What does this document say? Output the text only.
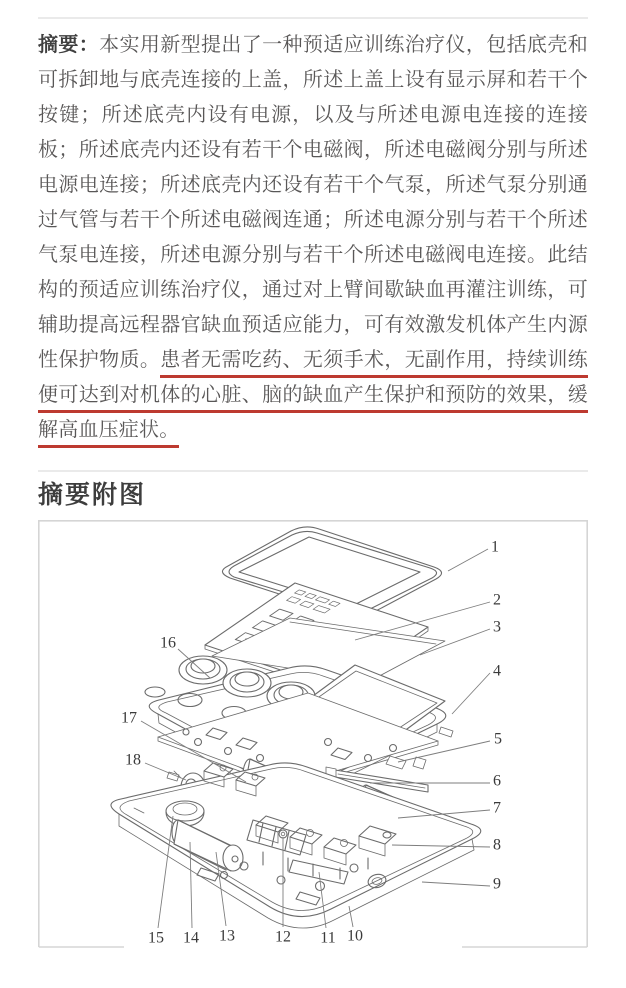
摘要：本实用新型提出了一种预适应训练治疗仪，包括底壳和可拆卸地与底壳连接的上盖，所述上盖上设有显示屏和若干个按键；所述底壳内设有电源，以及与所述电源电连接的连接板；所述底壳内还设有若干个电磁阀，所述电磁阀分别与所述电源电连接；所述底壳内还设有若干个气泵，所述气泵分别通过气管与若干个所述电磁阀连通；所述电源分别与若干个所述气泵电连接，所述电源分别与若干个所述电磁阀电连接。此结构的预适应训练治疗仪，通过对上臂间歇缺血再灌注训练，可辅助提高远程器官缺血预适应能力，可有效激发机体产生内源性保护物质。患者无需吃药、无须手术，无副作用，持续训练便可达到对机体的心脏、脑的缺血产生保护和预防的效果，缓解高血压症状。

摘要附图
1
2
3
4
5
6
7
8
9
10
11
12
13
14
15
16
17
18
